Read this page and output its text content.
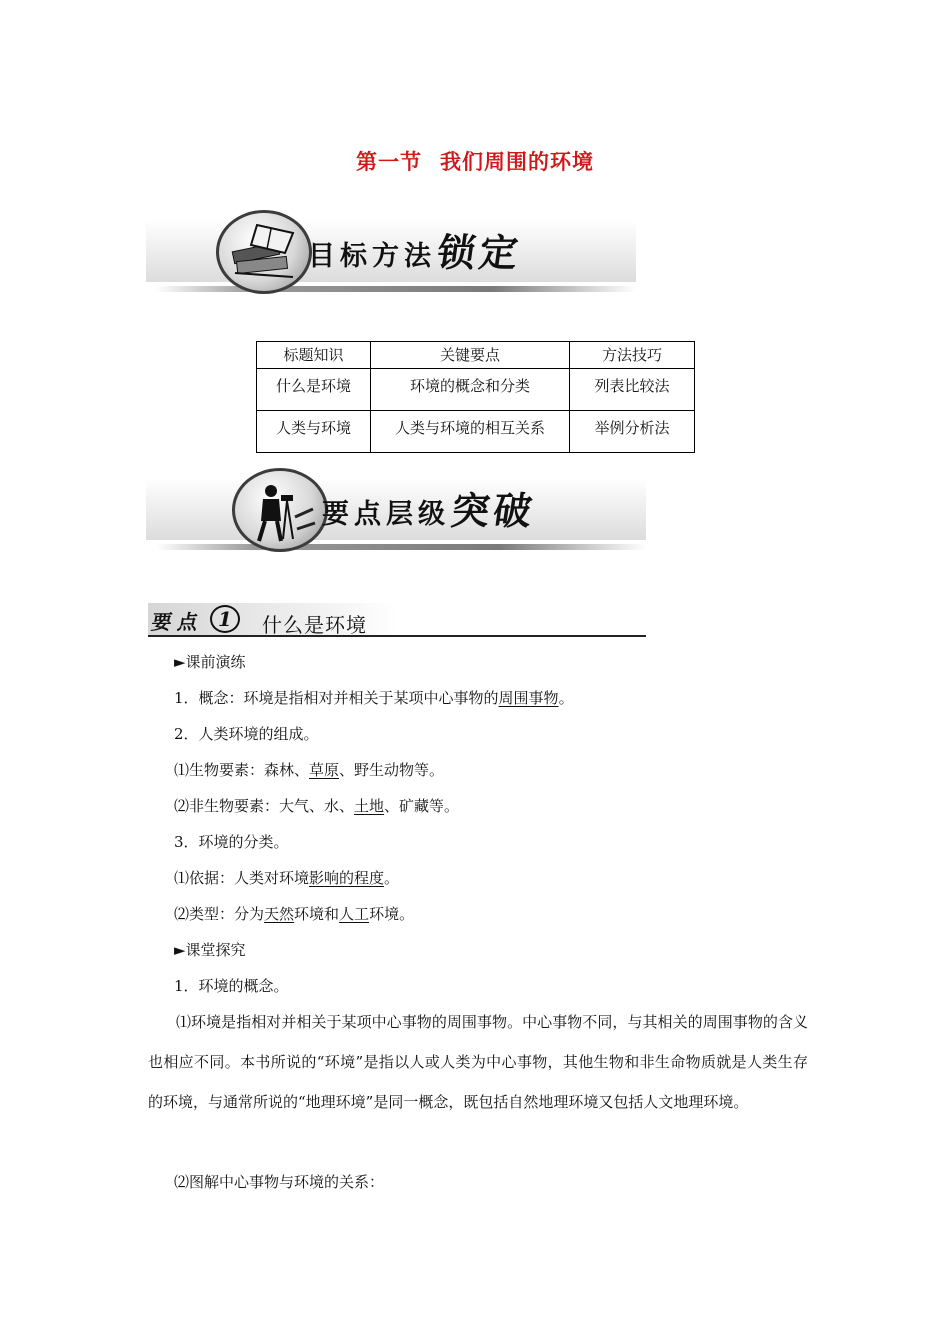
第一节 我们周围的环境
目标方法
锁定
标题知识	关键要点	方法技巧
什么是环境	环境的概念和分类	列表比较法
人类与环境	人类与环境的相互关系	举例分析法
要点层级
突破
要点 1	什么是环境
►课前演练
1．概念：环境是指相对并相关于某项中心事物的周围事物。
2．人类环境的组成。
⑴生物要素：森林、草原、野生动物等。
⑵非生物要素：大气、水、土地、矿藏等。
3．环境的分类。
⑴依据：人类对环境影响的程度。
⑵类型：分为天然环境和人工环境。
►课堂探究
1．环境的概念。
⑴环境是指相对并相关于某项中心事物的周围事物。中心事物不同，与其相关的周围事物的含义也相应不同。本书所说的“环境”是指以人或人类为中心事物，其他生物和非生命物质就是人类生存的环境，与通常所说的“地理环境”是同一概念，既包括自然地理环境又包括人文地理环境。
⑵图解中心事物与环境的关系：
